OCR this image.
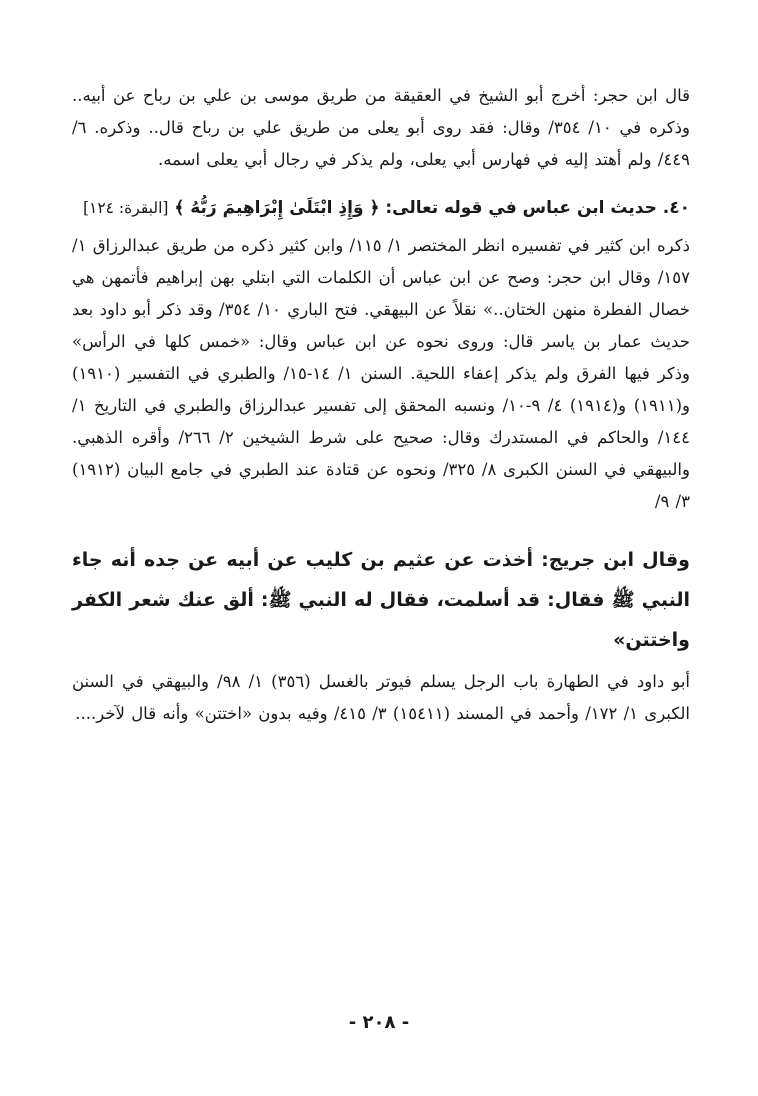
قال ابن حجر: أخرج أبو الشيخ في العقيقة من طريق موسى بن علي بن رباح عن أبيه.. وذكره في ١٠/ ٣٥٤/ وقال: فقد روى أبو يعلى من طريق علي بن رباح قال.. وذكره. ٦/ ٤٤٩/ ولم أهتد إليه في فهارس أبي يعلى، ولم يذكر في رجال أبي يعلى اسمه.

٤٠. حديث ابن عباس في قوله تعالى: ﴿ وَإِذِ ابْتَلَىٰ إِبْرَاهِيمَ رَبُّهُ ﴾ [البقرة: ١٢٤]

ذكره ابن كثير في تفسيره انظر المختصر ١/ ١١٥/ وابن كثير ذكره من طريق عبدالرزاق ١/ ١٥٧/ وقال ابن حجر: وصح عن ابن عباس أن الكلمات التي ابتلي بهن إبراهيم فأتمهن هي خصال الفطرة منهن الختان..» نقلاً عن البيهقي. فتح الباري ١٠/ ٣٥٤/ وقد ذكر أبو داود بعد حديث عمار بن ياسر قال: وروى نحوه عن ابن عباس وقال: «خمس كلها في الرأس» وذكر فيها الفرق ولم يذكر إعفاء اللحية. السنن ١/ ١٤-١٥/ والطبري في التفسير (١٩١٠) و(١٩١١) و(١٩١٤) ٤/ ٩-١٠/ ونسبه المحقق إلى تفسير عبدالرزاق والطبري في التاريخ ١/ ١٤٤/ والحاكم في المستدرك وقال: صحيح على شرط الشيخين ٢/ ٢٦٦/ وأقره الذهبي. والبيهقي في السنن الكبرى ٨/ ٣٢٥/ ونحوه عن قتادة عند الطبري في جامع البيان (١٩١٢) ٣/ ٩/

وقال ابن جريج: أخذت عن عثيم بن كليب عن أبيه عن جده أنه جاء النبي ﷺ فقال: قد أسلمت، فقال له النبي ﷺ: ألق عنك شعر الكفر واختتن»

أبو داود في الطهارة باب الرجل يسلم فيوتر بالغسل (٣٥٦) ١/ ٩٨/ والبيهقي في السنن الكبرى ١/ ١٧٢/ وأحمد في المسند (١٥٤١١) ٣/ ٤١٥/ وفيه بدون «اختتن» وأنه قال لآخر....

- ٢٠٨ -
